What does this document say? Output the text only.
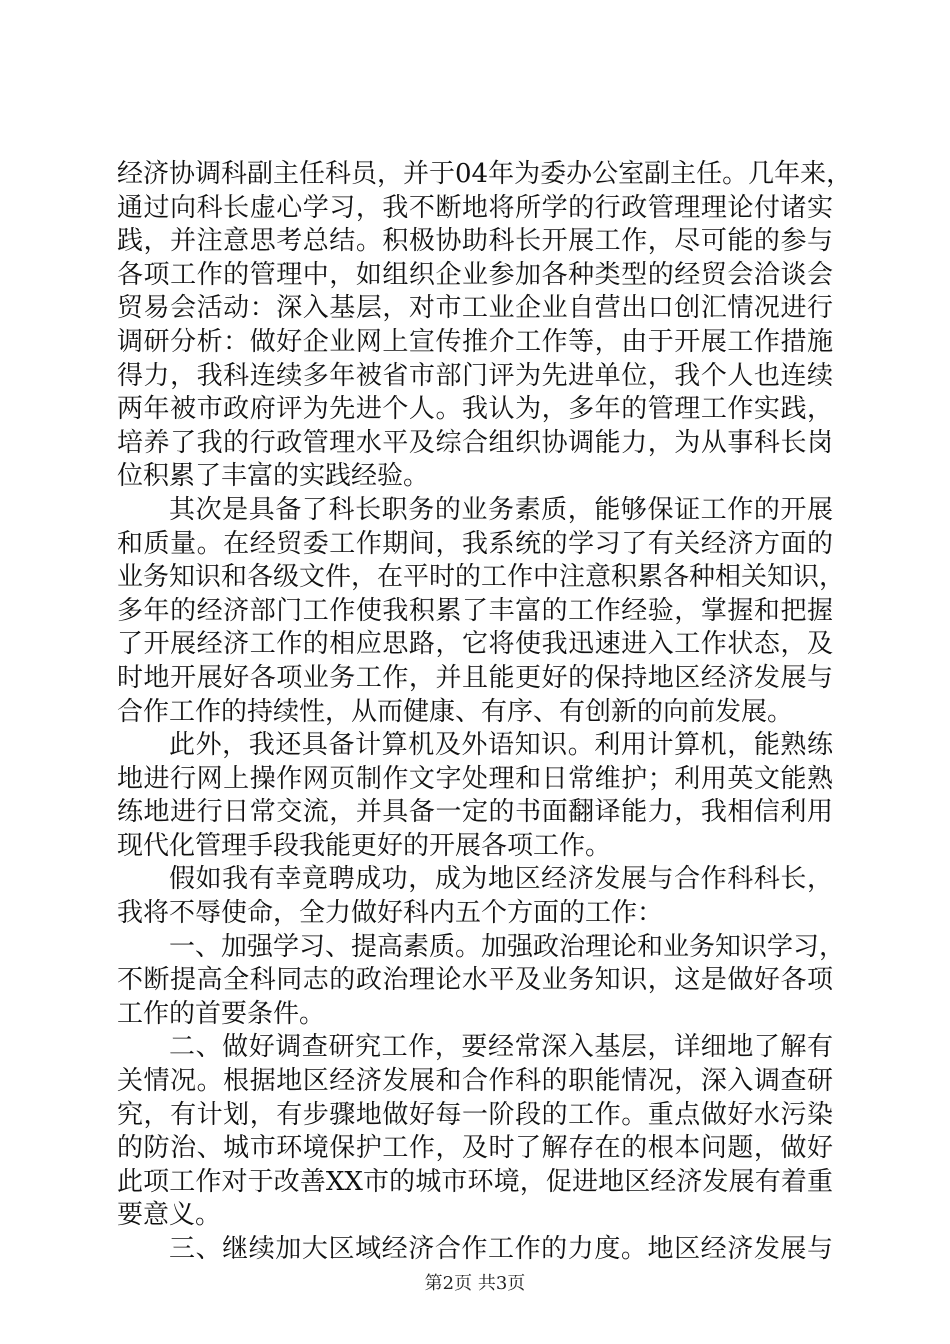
经济协调科副主任科员，并于04年为委办公室副主任。几年来，
通过向科长虚心学习，我不断地将所学的行政管理理论付诸实
践，并注意思考总结。积极协助科长开展工作，尽可能的参与
各项工作的管理中，如组织企业参加各种类型的经贸会洽谈会
贸易会活动：深入基层，对市工业企业自营出口创汇情况进行
调研分析：做好企业网上宣传推介工作等，由于开展工作措施
得力，我科连续多年被省市部门评为先进单位，我个人也连续
两年被市政府评为先进个人。我认为，多年的管理工作实践，
培养了我的行政管理水平及综合组织协调能力，为从事科长岗
位积累了丰富的实践经验。
其次是具备了科长职务的业务素质，能够保证工作的开展
和质量。在经贸委工作期间，我系统的学习了有关经济方面的
业务知识和各级文件，在平时的工作中注意积累各种相关知识，
多年的经济部门工作使我积累了丰富的工作经验，掌握和把握
了开展经济工作的相应思路，它将使我迅速进入工作状态，及
时地开展好各项业务工作，并且能更好的保持地区经济发展与
合作工作的持续性，从而健康、有序、有创新的向前发展。
此外，我还具备计算机及外语知识。利用计算机，能熟练
地进行网上操作网页制作文字处理和日常维护；利用英文能熟
练地进行日常交流，并具备一定的书面翻译能力，我相信利用
现代化管理手段我能更好的开展各项工作。
假如我有幸竟聘成功，成为地区经济发展与合作科科长，
我将不辱使命，全力做好科内五个方面的工作：
一、加强学习、提高素质。加强政治理论和业务知识学习，
不断提高全科同志的政治理论水平及业务知识，这是做好各项
工作的首要条件。
二、做好调查研究工作，要经常深入基层，详细地了解有
关情况。根据地区经济发展和合作科的职能情况，深入调查研
究，有计划，有步骤地做好每一阶段的工作。重点做好水污染
的防治、城市环境保护工作，及时了解存在的根本问题，做好
此项工作对于改善XX市的城市环境，促进地区经济发展有着重
要意义。
三、继续加大区域经济合作工作的力度。地区经济发展与
第2页 共3页
